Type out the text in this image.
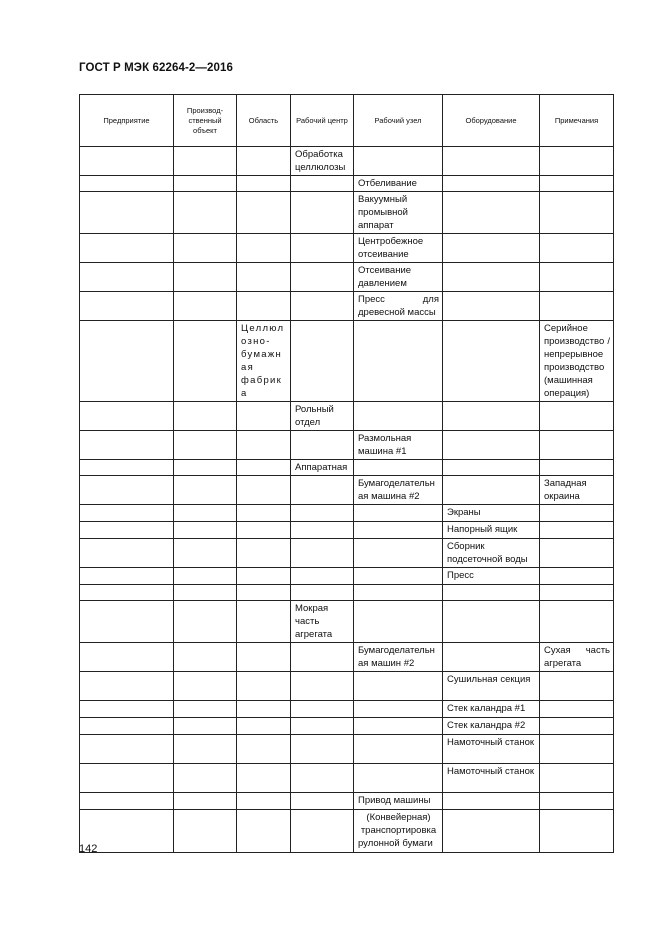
ГОСТ Р МЭК 62264-2—2016
Предприятие	Производ-ственный объект	Область	Рабочий центр	Рабочий узел	Оборудование	Примечания
			Обработка целлюлозы			
				Отбеливание		
				Вакуумный промывной аппарат		
				Центробежное отсеивание		
				Отсеивание давлением		
				Пресс для древесной массы		
		Целлюлозно-бумажная фабрика				Серийное производство / непрерывное производство (машинная операция)
			Рольный отдел			
				Размольная машина #1		
			Аппаратная			
				Бумагоделательная машина #2		Западная окраина
					Экраны	
					Напорный ящик	
					Сборник подсеточной воды	
					Пресс	

			Мокрая часть агрегата			
				Бумагоделательная машин #2		Сухая часть агрегата
					Сушильная секция	
					Стек каландра #1	
					Стек каландра #2	
					Намоточный станок	
					Намоточный станок	
				Привод машины		
				(Конвейерная) транспортировка рулонной бумаги		
142
